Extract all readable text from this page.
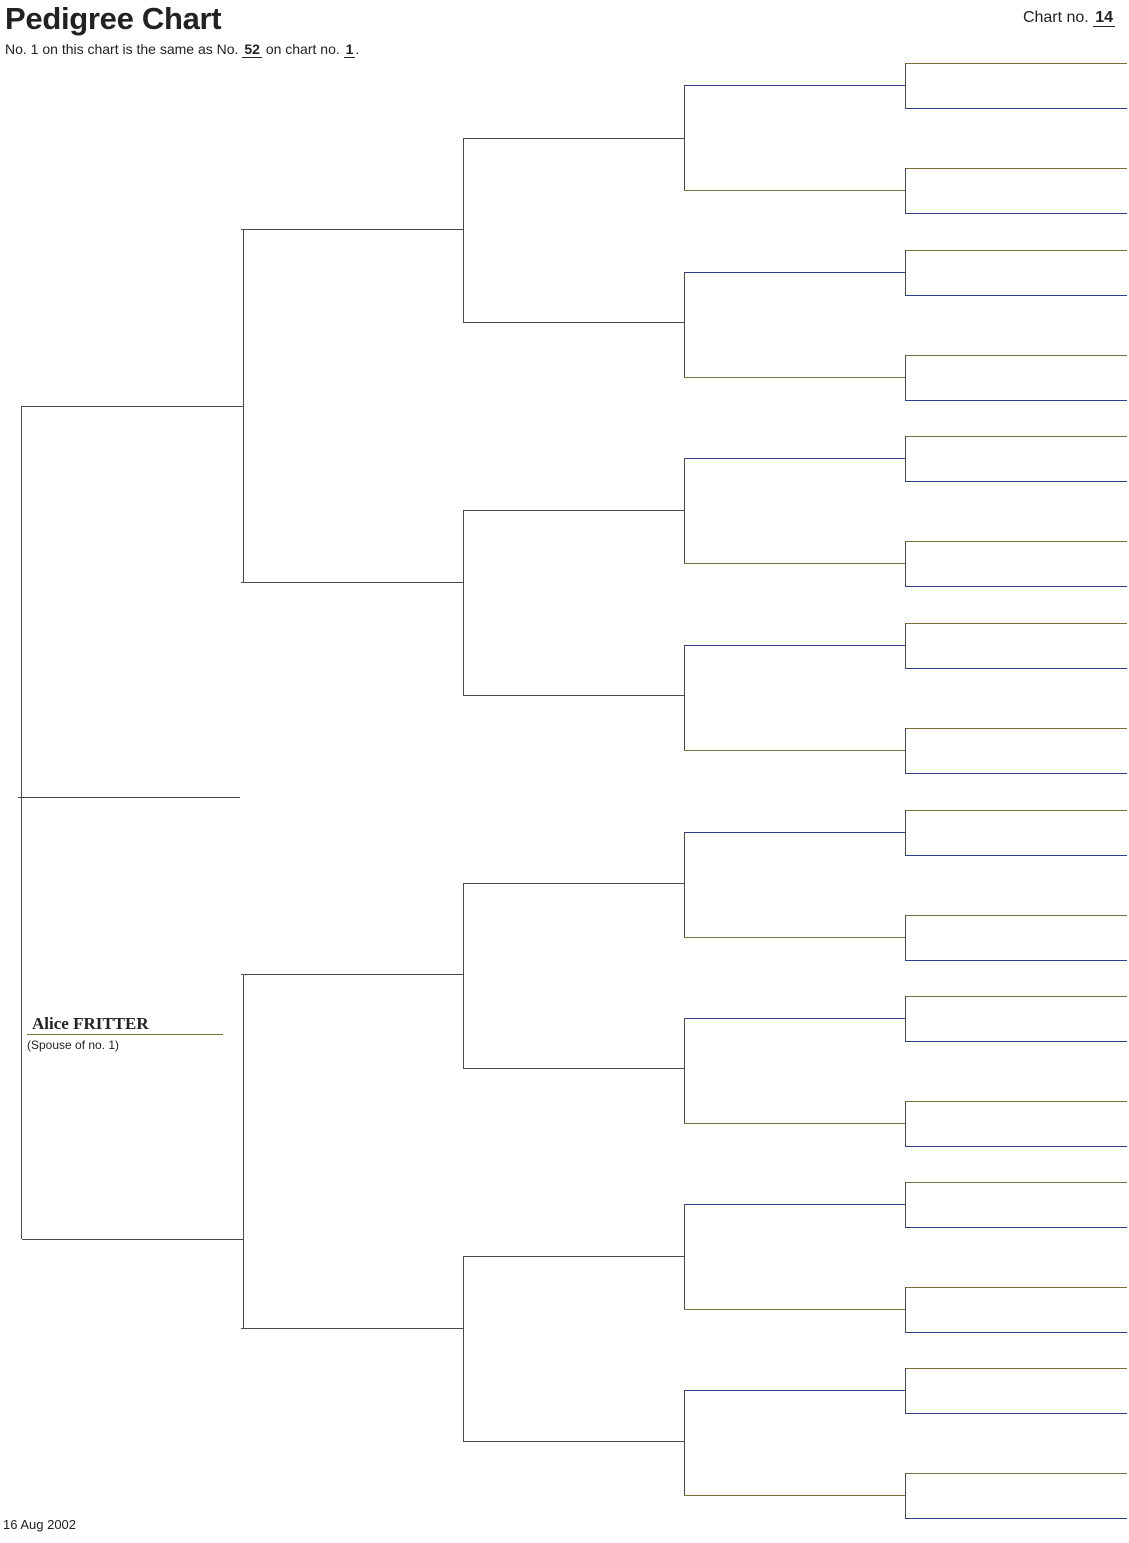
Pedigree Chart	Chart no. 14
No. 1 on this chart is the same as No. 52 on chart no. 1 .
Alice FRITTER
(Spouse of no. 1)
16 Aug 2002
